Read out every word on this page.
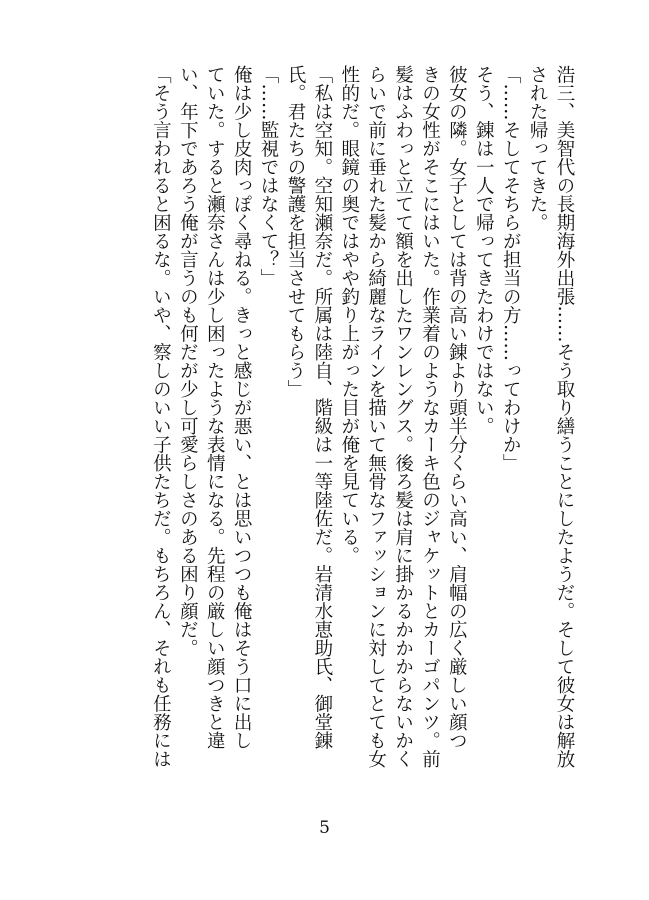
浩三、美智代の長期海外出張……そう取り繕うことにしたようだ。そして彼女は解放

された帰ってきた。

「……そしてそちらが担当の方……ってわけか」

そう、錬は一人で帰ってきたわけではない。

彼女の隣。女子としては背の高い錬より頭半分くらい高い、肩幅の広く厳しい顔つ

きの女性がそこにはいた。作業着のようなカーキ色のジャケットとカーゴパンツ。前

髪はふわっと立てて額を出したワンレングス。後ろ髪は肩に掛かるかかからないかく

らいで前に垂れた髪から綺麗なラインを描いて無骨なファッションに対してとても女

性的だ。眼鏡の奥ではやや釣り上がった目が俺を見ている。

「私は空知。空知瀬奈だ。所属は陸自、階級は一等陸佐だ。岩清水恵助氏、御堂錬

氏。君たちの警護を担当させてもらう」

「……監視ではなくて？」

俺は少し皮肉っぽく尋ねる。きっと感じが悪い、とは思いつつも俺はそう口に出し

ていた。すると瀬奈さんは少し困ったような表情になる。先程の厳しい顔つきと違

い、年下であろう俺が言うのも何だが少し可愛らしさのある困り顔だ。

「そう言われると困るな。いや、察しのいい子供たちだ。もちろん、それも任務には

5
